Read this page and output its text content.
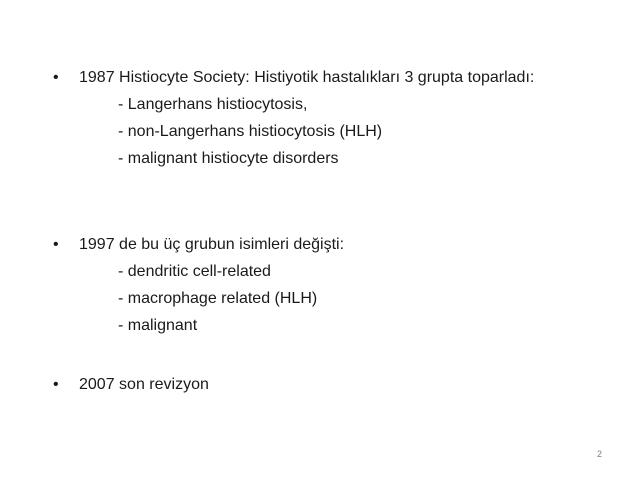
•	1987 Histiocyte Society: Histiyotik hastalıkları 3 grupta toparladı:
- Langerhans histiocytosis,
- non-Langerhans histiocytosis (HLH)
- malignant histiocyte disorders
•	1997 de bu üç grubun isimleri değişti:
- dendritic cell-related
- macrophage related (HLH)
- malignant
•	2007 son revizyon
2
